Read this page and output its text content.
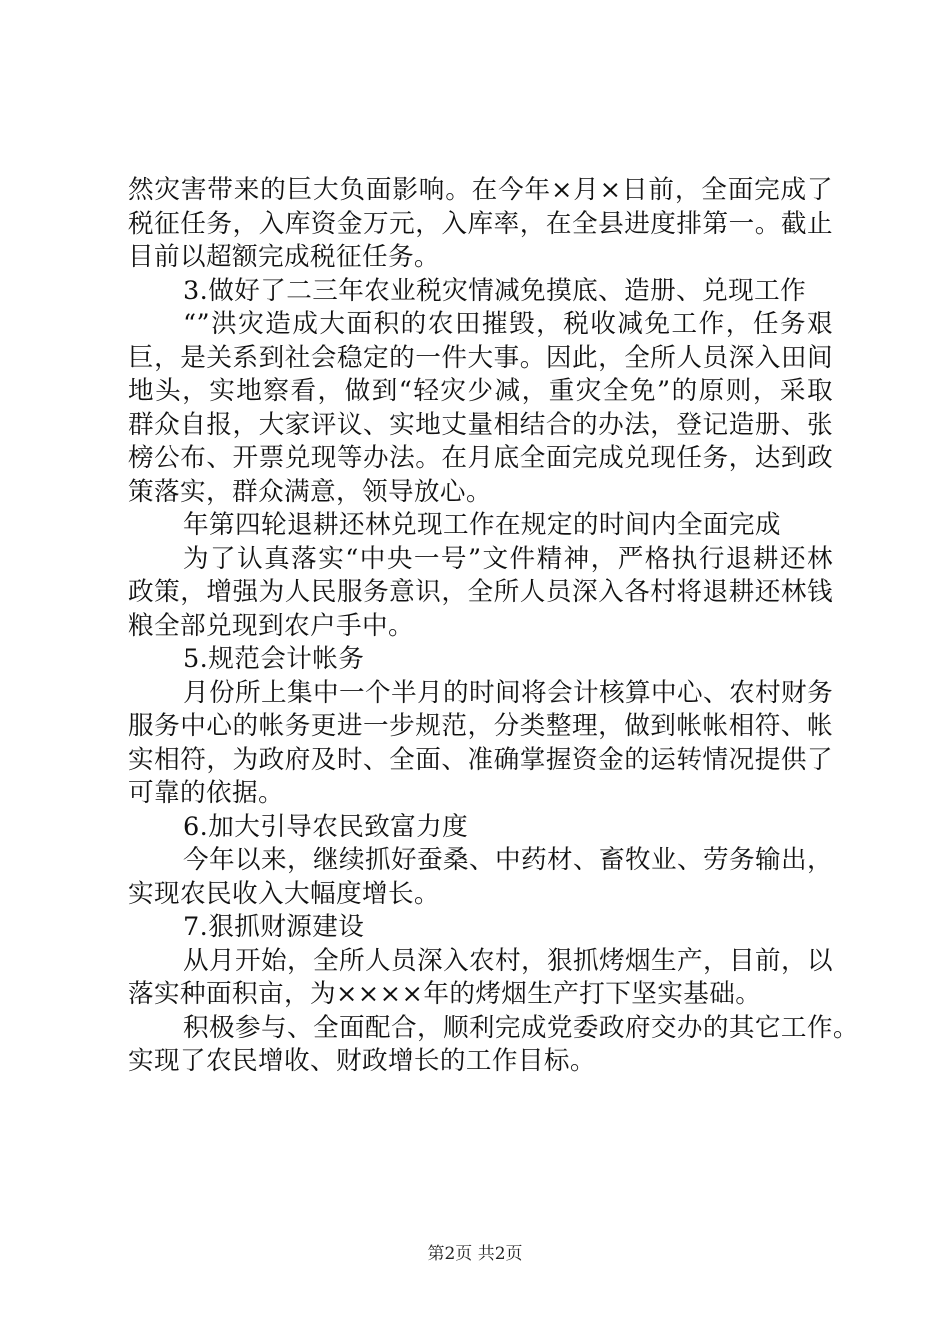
然灾害带来的巨大负面影响。在今年×月×日前，全面完成了
税征任务，入库资金万元，入库率，在全县进度排第一。截止
目前以超额完成税征任务。
3.做好了二三年农业税灾情减免摸底、造册、兑现工作
“”洪灾造成大面积的农田摧毁，税收减免工作，任务艰
巨，是关系到社会稳定的一件大事。因此，全所人员深入田间
地头，实地察看，做到“轻灾少减，重灾全免”的原则，采取
群众自报，大家评议、实地丈量相结合的办法，登记造册、张
榜公布、开票兑现等办法。在月底全面完成兑现任务，达到政
策落实，群众满意，领导放心。
年第四轮退耕还林兑现工作在规定的时间内全面完成
为了认真落实“中央一号”文件精神，严格执行退耕还林
政策，增强为人民服务意识，全所人员深入各村将退耕还林钱
粮全部兑现到农户手中。
5.规范会计帐务
月份所上集中一个半月的时间将会计核算中心、农村财务
服务中心的帐务更进一步规范，分类整理，做到帐帐相符、帐
实相符，为政府及时、全面、准确掌握资金的运转情况提供了
可靠的依据。
6.加大引导农民致富力度
今年以来，继续抓好蚕桑、中药材、畜牧业、劳务输出，
实现农民收入大幅度增长。
7.狠抓财源建设
从月开始，全所人员深入农村，狠抓烤烟生产，目前，以
落实种面积亩，为××××年的烤烟生产打下坚实基础。
积极参与、全面配合，顺利完成党委政府交办的其它工作。
实现了农民增收、财政增长的工作目标。
第2页 共2页
